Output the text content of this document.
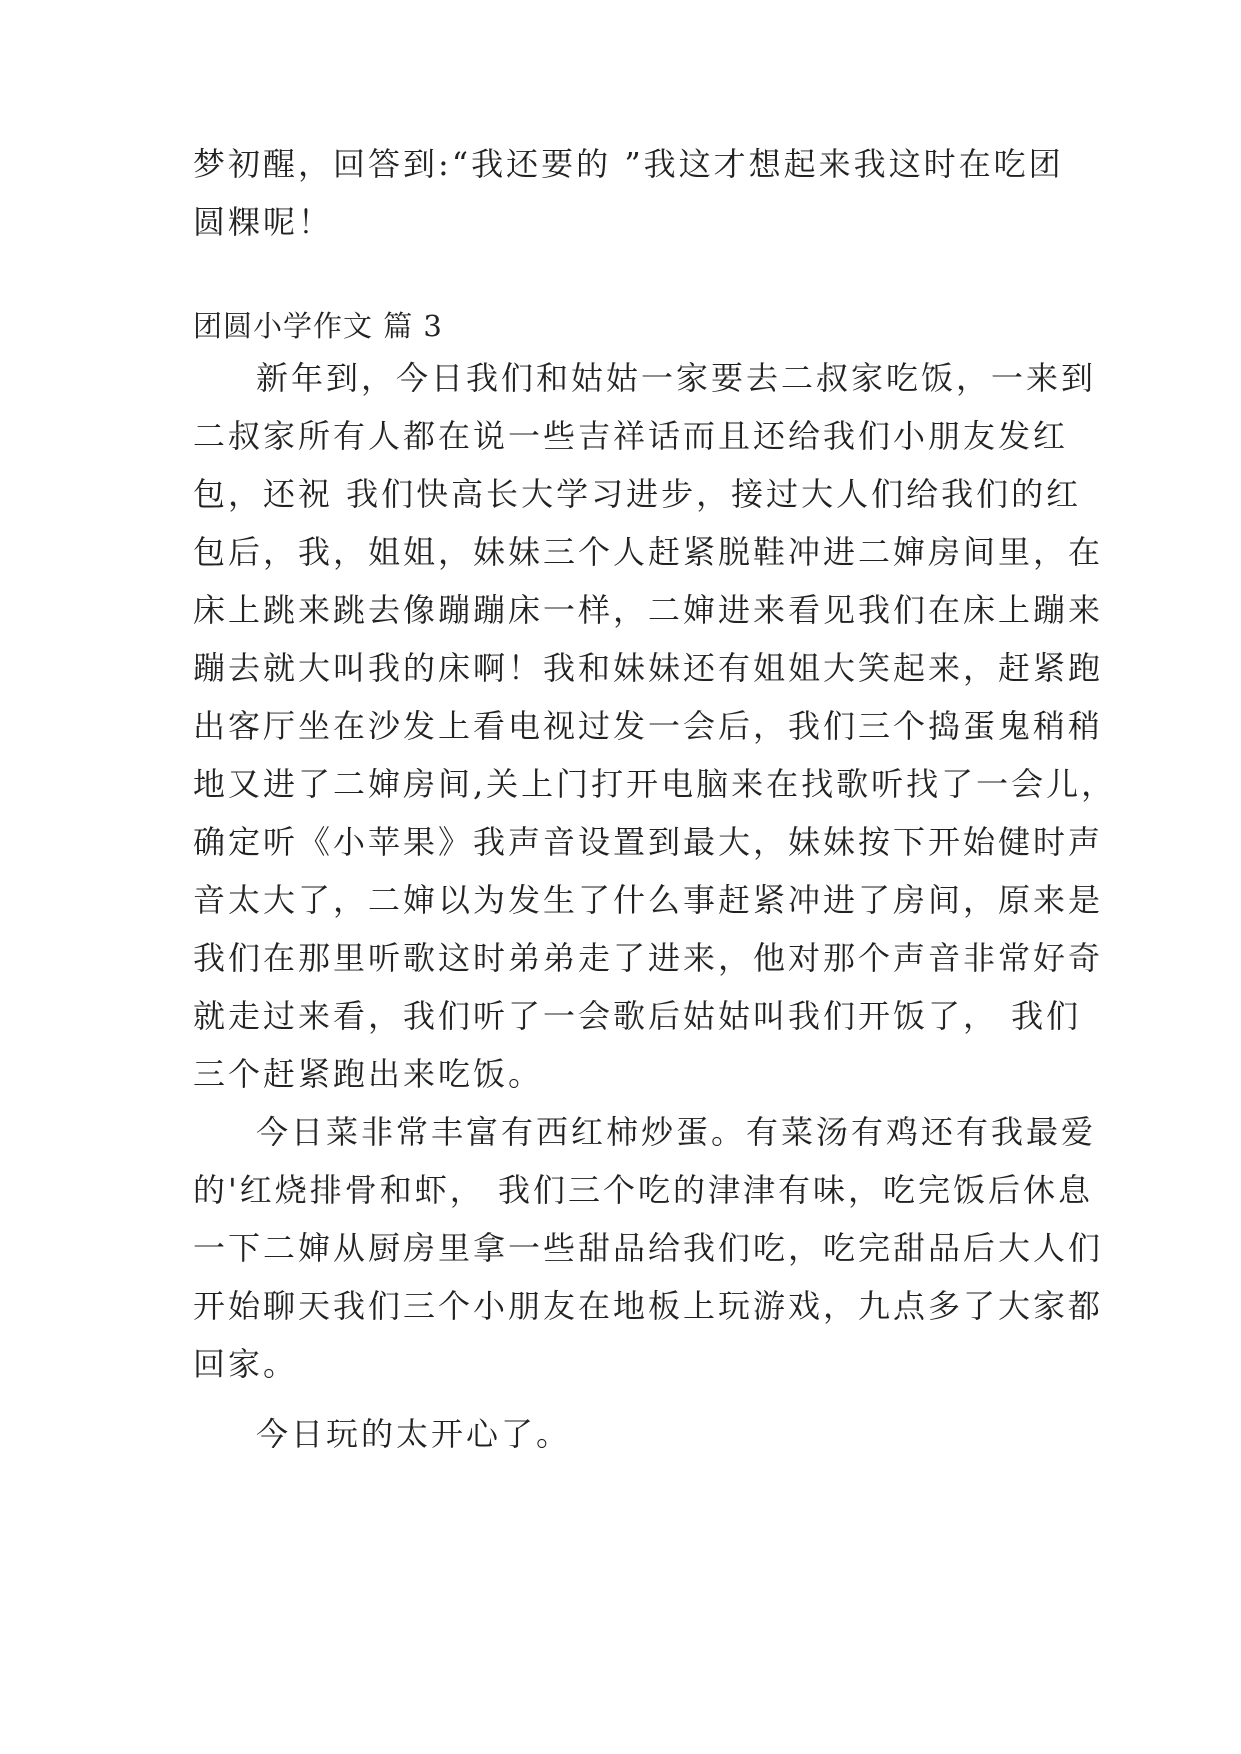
梦初醒，回答到:“我还要的 ”我这才想起来我这时在吃团
圆粿呢！
团圆小学作文 篇 3
新年到，今日我们和姑姑一家要去二叔家吃饭，一来到
二叔家所有人都在说一些吉祥话而且还给我们小朋友发红
包，还祝 我们快高长大学习进步，接过大人们给我们的红
包后，我，姐姐，妹妹三个人赶紧脱鞋冲进二婶房间里，在
床上跳来跳去像蹦蹦床一样，二婶进来看见我们在床上蹦来
蹦去就大叫我的床啊！我和妹妹还有姐姐大笑起来，赶紧跑
出客厅坐在沙发上看电视过发一会后，我们三个捣蛋鬼稍稍
地又进了二婶房间,关上门打开电脑来在找歌听找了一会儿，
确定听《小苹果》我声音设置到最大，妹妹按下开始健时声
音太大了，二婶以为发生了什么事赶紧冲进了房间，原来是
我们在那里听歌这时弟弟走了进来，他对那个声音非常好奇
就走过来看，我们听了一会歌后姑姑叫我们开饭了， 我们
三个赶紧跑出来吃饭。
今日菜非常丰富有西红柿炒蛋。有菜汤有鸡还有我最爱
的'红烧排骨和虾， 我们三个吃的津津有味，吃完饭后休息
一下二婶从厨房里拿一些甜品给我们吃，吃完甜品后大人们
开始聊天我们三个小朋友在地板上玩游戏，九点多了大家都
回家。
今日玩的太开心了。
